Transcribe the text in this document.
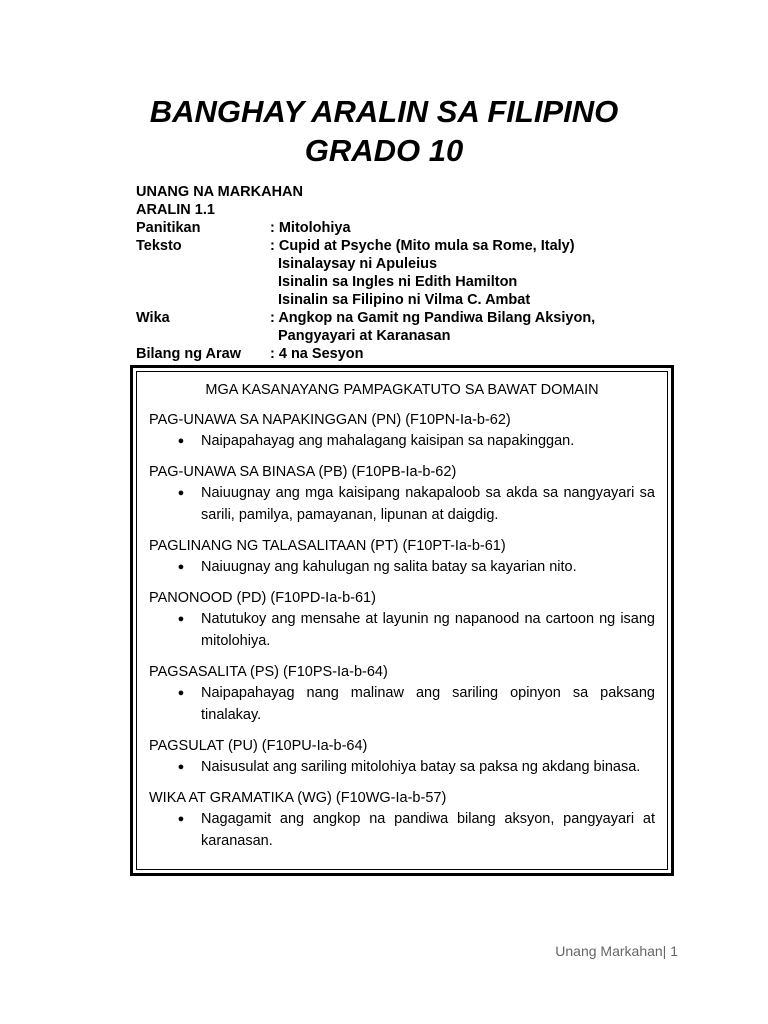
BANGHAY ARALIN SA FILIPINO
GRADO 10
UNANG NA MARKAHAN
ARALIN 1.1
Panitikan	: Mitolohiya
Teksto	: Cupid at Psyche (Mito mula sa Rome, Italy)
Isinalaysay ni Apuleius
Isinalin sa Ingles ni Edith Hamilton
Isinalin sa Filipino ni Vilma C. Ambat
Wika	: Angkop na Gamit ng Pandiwa Bilang Aksiyon,
Pangyayari at Karanasan
Bilang ng Araw	: 4 na Sesyon
MGA KASANAYANG PAMPAGKATUTO SA BAWAT DOMAIN
PAG-UNAWA SA NAPAKINGGAN (PN) (F10PN-Ia-b-62)
● Naipapahayag ang mahalagang kaisipan sa napakinggan.
PAG-UNAWA SA BINASA (PB) (F10PB-Ia-b-62)
● Naiuugnay ang mga kaisipang nakapaloob sa akda sa nangyayari sa sarili, pamilya, pamayanan, lipunan at daigdig.
PAGLINANG NG TALASALITAAN (PT) (F10PT-Ia-b-61)
● Naiuugnay ang kahulugan ng salita batay sa kayarian nito.
PANONOOD (PD) (F10PD-Ia-b-61)
● Natutukoy ang mensahe at layunin ng napanood na cartoon ng isang mitolohiya.
PAGSASALITA (PS) (F10PS-Ia-b-64)
● Naipapahayag nang malinaw ang sariling opinyon sa paksang tinalakay.
PAGSULAT (PU) (F10PU-Ia-b-64)
● Naisusulat ang sariling mitolohiya batay sa paksa ng akdang binasa.
WIKA AT GRAMATIKA (WG) (F10WG-Ia-b-57)
● Nagagamit ang angkop na pandiwa bilang aksyon, pangyayari at karanasan.
Unang Markahan| 1
